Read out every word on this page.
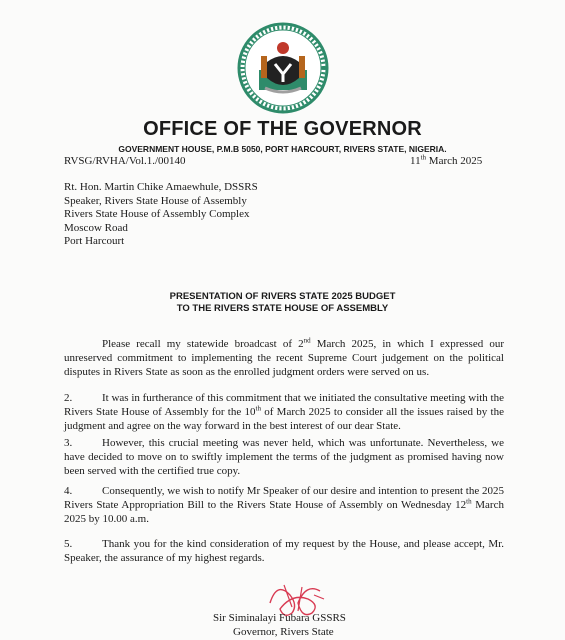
OFFICE OF THE GOVERNOR
GOVERNMENT HOUSE, P.M.B 5050, PORT HARCOURT, RIVERS STATE, NIGERIA.
RVSG/RVHA/Vol.1./00140	11th March 2025
Rt. Hon. Martin Chike Amaewhule, DSSRS
Speaker, Rivers State House of Assembly
Rivers State House of Assembly Complex
Moscow Road
Port Harcourt
PRESENTATION OF RIVERS STATE 2025 BUDGET
TO THE RIVERS STATE HOUSE OF ASSEMBLY
Please recall my statewide broadcast of 2nd March 2025, in which I expressed our unreserved commitment to implementing the recent Supreme Court judgement on the political disputes in Rivers State as soon as the enrolled judgment orders were served on us.
2.	It was in furtherance of this commitment that we initiated the consultative meeting with the Rivers State House of Assembly for the 10th of March 2025 to consider all the issues raised by the judgment and agree on the way forward in the best interest of our dear State.
3.	However, this crucial meeting was never held, which was unfortunate. Nevertheless, we have decided to move on to swiftly implement the terms of the judgment as promised having now been served with the certified true copy.
4.	Consequently, we wish to notify Mr Speaker of our desire and intention to present the 2025 Rivers State Appropriation Bill to the Rivers State House of Assembly on Wednesday 12th March 2025 by 10.00 a.m.
5.	Thank you for the kind consideration of my request by the House, and please accept, Mr. Speaker, the assurance of my highest regards.
Sir Siminalayi Fubara GSSRS
Governor, Rivers State
